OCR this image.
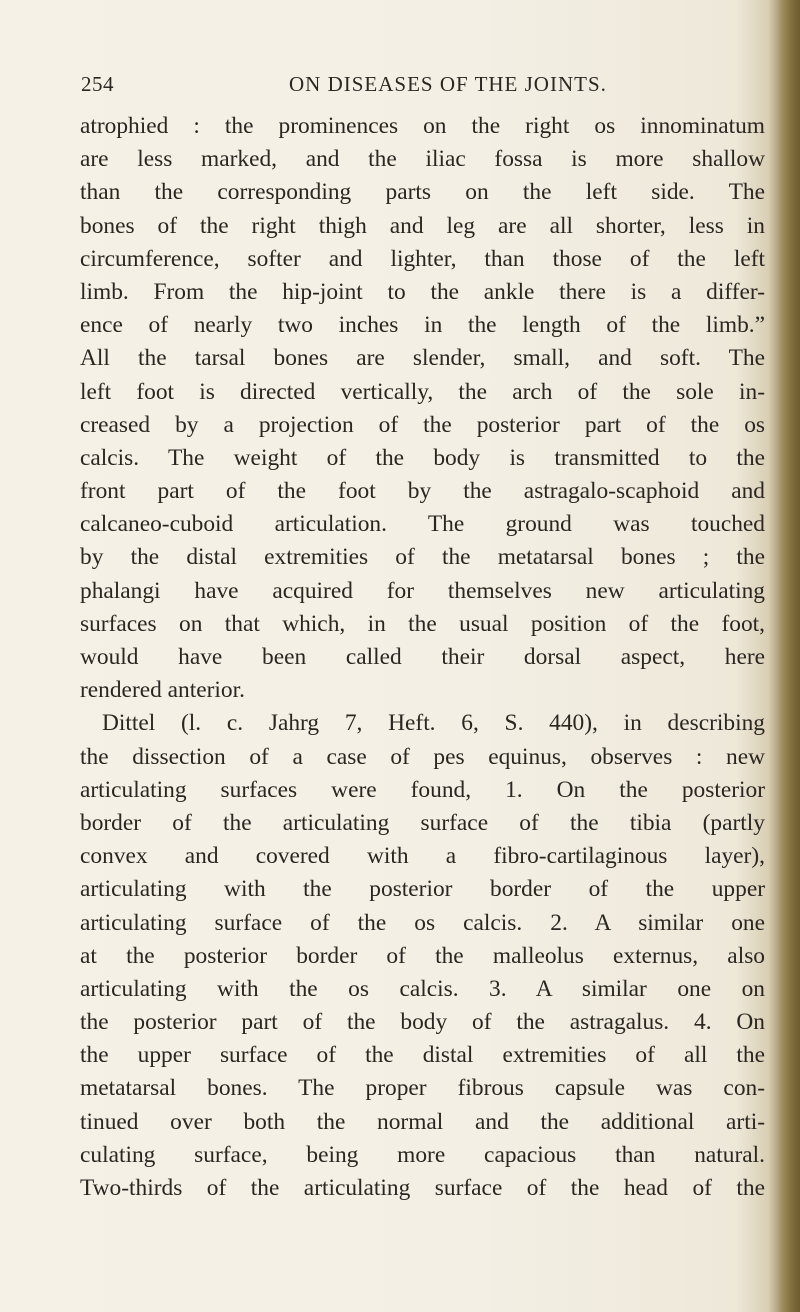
254	ON DISEASES OF THE JOINTS.
atrophied : the prominences on the right os innominatum
are less marked, and the iliac fossa is more shallow
than the corresponding parts on the left side. The
bones of the right thigh and leg are all shorter, less in
circumference, softer and lighter, than those of the left
limb. From the hip-joint to the ankle there is a differ-
ence of nearly two inches in the length of the limb.”
All the tarsal bones are slender, small, and soft. The
left foot is directed vertically, the arch of the sole in-
creased by a projection of the posterior part of the os
calcis. The weight of the body is transmitted to the
front part of the foot by the astragalo-scaphoid and
calcaneo-cuboid articulation. The ground was touched
by the distal extremities of the metatarsal bones ; the
phalangi have acquired for themselves new articulating
surfaces on that which, in the usual position of the foot,
would have been called their dorsal aspect, here
rendered anterior.
Dittel (l. c. Jahrg 7, Heft. 6, S. 440), in describing
the dissection of a case of pes equinus, observes : new
articulating surfaces were found, 1. On the posterior
border of the articulating surface of the tibia (partly
convex and covered with a fibro-cartilaginous layer),
articulating with the posterior border of the upper
articulating surface of the os calcis. 2. A similar one
at the posterior border of the malleolus externus, also
articulating with the os calcis. 3. A similar one on
the posterior part of the body of the astragalus. 4. On
the upper surface of the distal extremities of all the
metatarsal bones. The proper fibrous capsule was con-
tinued over both the normal and the additional arti-
culating surface, being more capacious than natural.
Two-thirds of the articulating surface of the head of the
